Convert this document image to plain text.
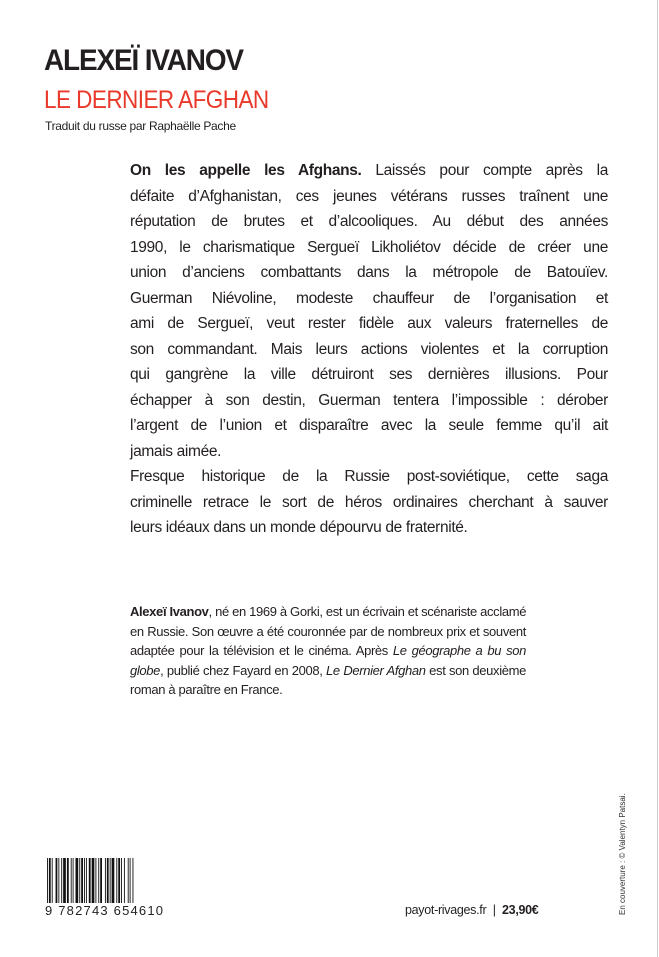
ALEXEÏ IVANOV
LE DERNIER AFGHAN
Traduit du russe par Raphaëlle Pache
On les appelle les Afghans. Laissés pour compte après la
défaite d’Afghanistan, ces jeunes vétérans russes traînent une
réputation de brutes et d’alcooliques. Au début des années
1990, le charismatique Sergueï Likholiétov décide de créer une
union d’anciens combattants dans la métropole de Batouïev.
Guerman Niévoline, modeste chauffeur de l’organisation et
ami de Sergueï, veut rester fidèle aux valeurs fraternelles de
son commandant. Mais leurs actions violentes et la corruption
qui gangrène la ville détruiront ses dernières illusions. Pour
échapper à son destin, Guerman tentera l’impossible : dérober
l’argent de l’union et disparaître avec la seule femme qu’il ait
jamais aimée.
Fresque historique de la Russie post-soviétique, cette saga
criminelle retrace le sort de héros ordinaires cherchant à sauver
leurs idéaux dans un monde dépourvu de fraternité.
Alexeï Ivanov, né en 1969 à Gorki, est un écrivain et scénariste acclamé
en Russie. Son œuvre a été couronnée par de nombreux prix et souvent
adaptée pour la télévision et le cinéma. Après Le géographe a bu son
globe, publié chez Fayard en 2008, Le Dernier Afghan est son deuxième
roman à paraître en France.
En couverture : © Valentyn Patsai.
9 782743 654610	payot-rivages.fr | 23,90€
